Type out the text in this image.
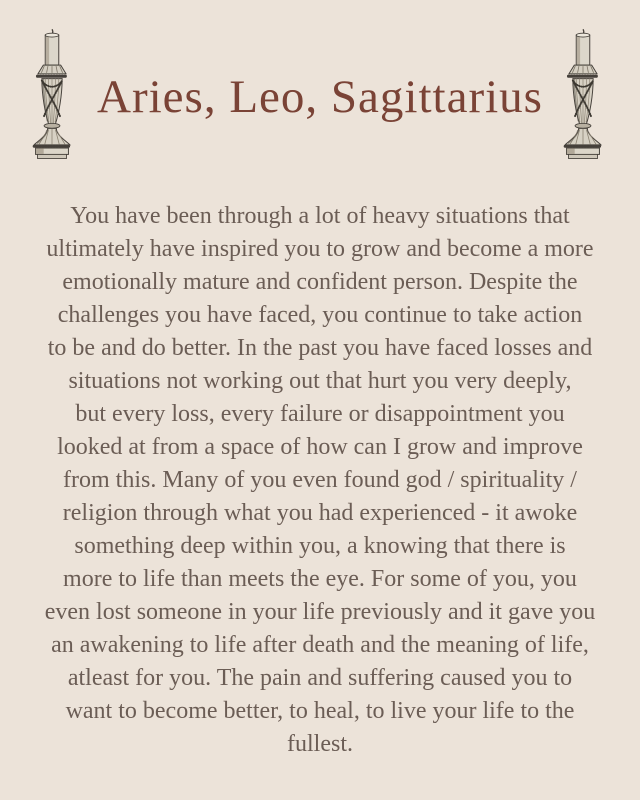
Aries, Leo, Sagittarius
You have been through a lot of heavy situations that
ultimately have inspired you to grow and become a more
emotionally mature and confident person. Despite the
challenges you have faced, you continue to take action
to be and do better. In the past you have faced losses and
situations not working out that hurt you very deeply,
but every loss, every failure or disappointment you
looked at from a space of how can I grow and improve
from this. Many of you even found god / spirituality /
religion through what you had experienced - it awoke
something deep within you, a knowing that there is
more to life than meets the eye. For some of you, you
even lost someone in your life previously and it gave you
an awakening to life after death and the meaning of life,
atleast for you. The pain and suffering caused you to
want to become better, to heal, to live your life to the
fullest.
